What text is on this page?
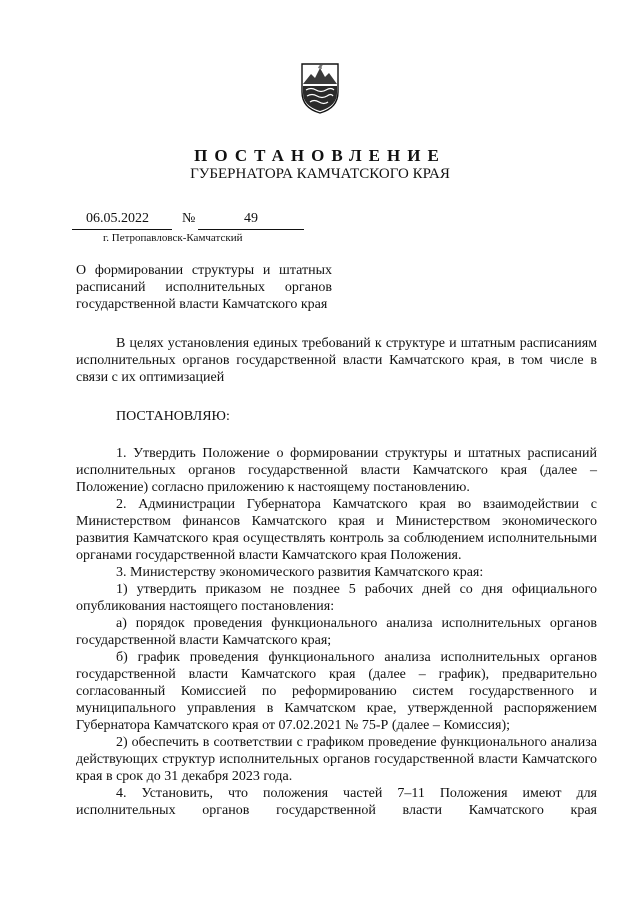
ПОСТАНОВЛЕНИЕ
ГУБЕРНАТОРА КАМЧАТСКОГО КРАЯ
06.05.2022 №	49
г. Петропавловск-Камчатский

О формировании структуры и штатных расписаний исполнительных органов государственной власти Камчатского края

В целях установления единых требований к структуре и штатным расписаниям исполнительных органов государственной власти Камчатского края, в том числе в связи с их оптимизацией

ПОСТАНОВЛЯЮ:

1. Утвердить Положение о формировании структуры и штатных расписаний исполнительных органов государственной власти Камчатского края (далее – Положение) согласно приложению к настоящему постановлению.

2. Администрации Губернатора Камчатского края во взаимодействии с Министерством финансов Камчатского края и Министерством экономического развития Камчатского края осуществлять контроль за соблюдением исполнительными органами государственной власти Камчатского края Положения.

3. Министерству экономического развития Камчатского края:

1) утвердить приказом не позднее 5 рабочих дней со дня официального опубликования настоящего постановления:

а) порядок проведения функционального анализа исполнительных органов государственной власти Камчатского края;

б) график проведения функционального анализа исполнительных органов государственной власти Камчатского края (далее – график), предварительно согласованный Комиссией по реформированию систем государственного и муниципального управления в Камчатском крае, утвержденной распоряжением Губернатора Камчатского края от 07.02.2021 № 75-Р (далее – Комиссия);

2) обеспечить в соответствии с графиком проведение функционального анализа действующих структур исполнительных органов государственной власти Камчатского края в срок до 31 декабря 2023 года.

4. Установить, что положения частей 7–11 Положения имеют для исполнительных органов государственной власти Камчатского края
